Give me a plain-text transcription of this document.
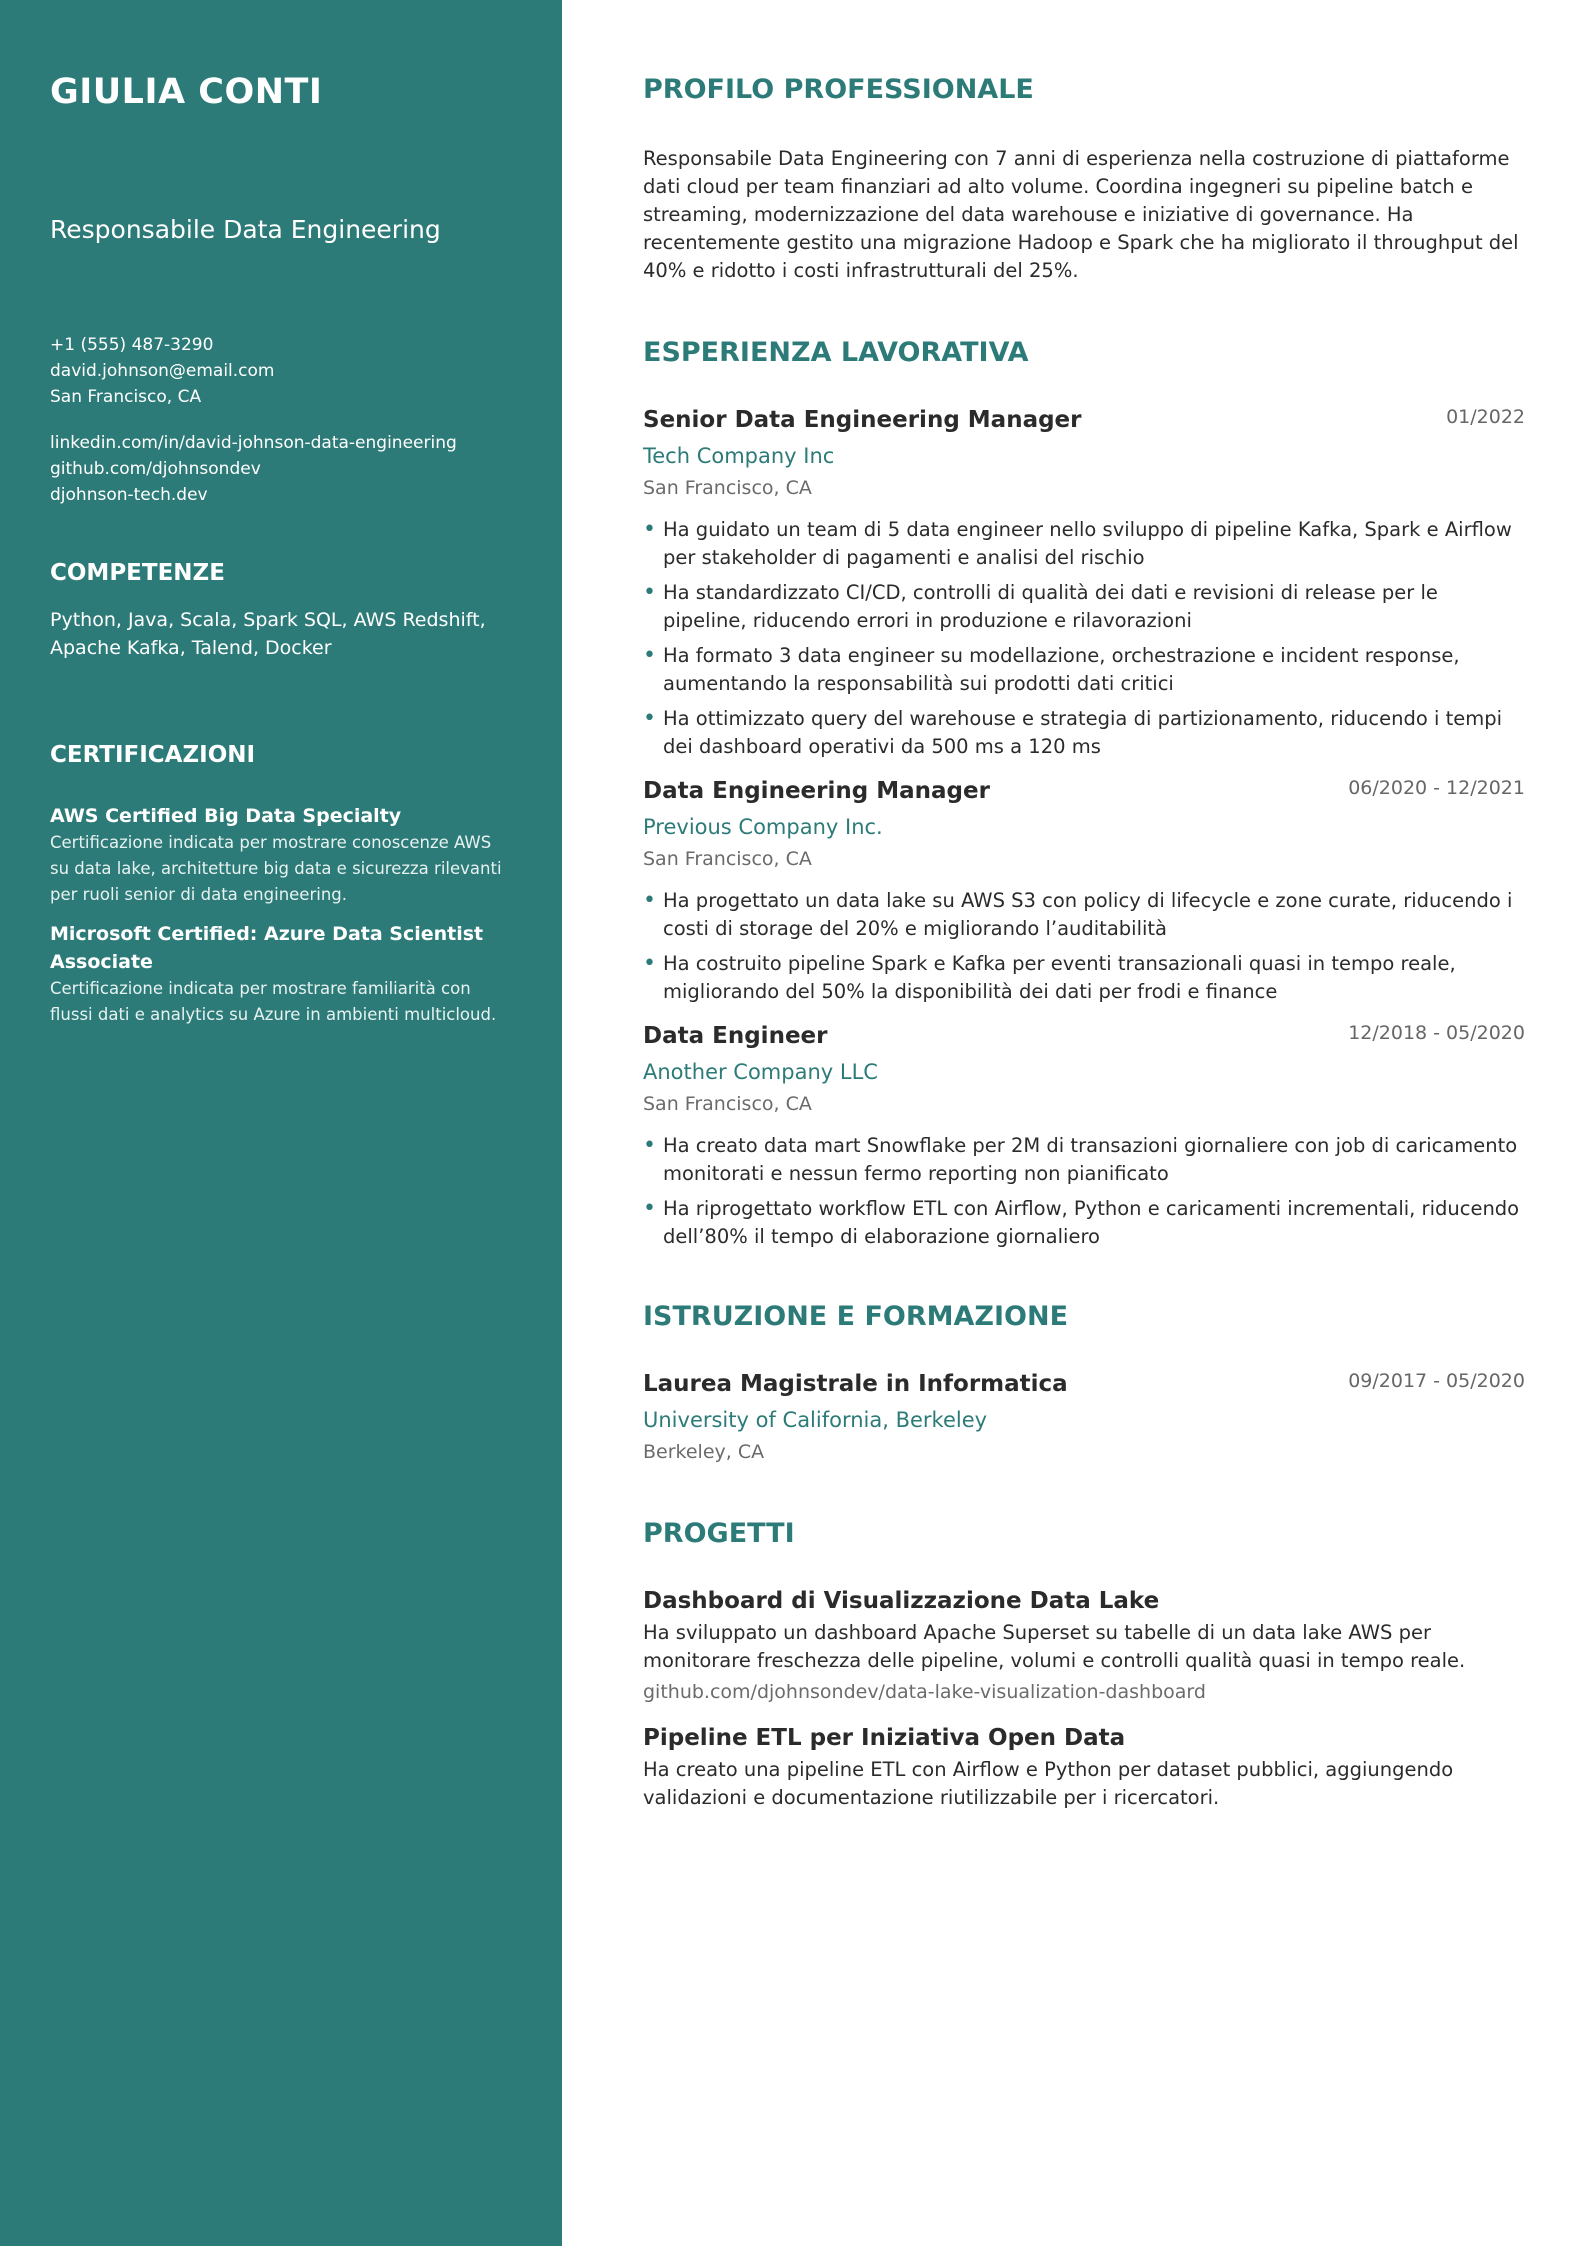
GIULIA CONTI
Responsabile Data Engineering
+1 (555) 487-3290
david.johnson@email.com
San Francisco, CA
linkedin.com/in/david-johnson-data-engineering
github.com/djohnsondev
djohnson-tech.dev
COMPETENZE
Python, Java, Scala, Spark SQL, AWS Redshift, Apache Kafka, Talend, Docker
CERTIFICAZIONI
AWS Certified Big Data Specialty
Certificazione indicata per mostrare conoscenze AWS su data lake, architetture big data e sicurezza rilevanti per ruoli senior di data engineering.
Microsoft Certified: Azure Data Scientist Associate
Certificazione indicata per mostrare familiarità con flussi dati e analytics su Azure in ambienti multicloud.
PROFILO PROFESSIONALE
Responsabile Data Engineering con 7 anni di esperienza nella costruzione di piattaforme dati cloud per team finanziari ad alto volume. Coordina ingegneri su pipeline batch e streaming, modernizzazione del data warehouse e iniziative di governance. Ha recentemente gestito una migrazione Hadoop e Spark che ha migliorato il throughput del 40% e ridotto i costi infrastrutturali del 25%.
ESPERIENZA LAVORATIVA
Senior Data Engineering Manager	01/2022
Tech Company Inc
San Francisco, CA
• Ha guidato un team di 5 data engineer nello sviluppo di pipeline Kafka, Spark e Airflow per stakeholder di pagamenti e analisi del rischio
• Ha standardizzato CI/CD, controlli di qualità dei dati e revisioni di release per le pipeline, riducendo errori in produzione e rilavorazioni
• Ha formato 3 data engineer su modellazione, orchestrazione e incident response, aumentando la responsabilità sui prodotti dati critici
• Ha ottimizzato query del warehouse e strategia di partizionamento, riducendo i tempi dei dashboard operativi da 500 ms a 120 ms
Data Engineering Manager	06/2020 - 12/2021
Previous Company Inc.
San Francisco, CA
• Ha progettato un data lake su AWS S3 con policy di lifecycle e zone curate, riducendo i costi di storage del 20% e migliorando l’auditabilità
• Ha costruito pipeline Spark e Kafka per eventi transazionali quasi in tempo reale, migliorando del 50% la disponibilità dei dati per frodi e finance
Data Engineer	12/2018 - 05/2020
Another Company LLC
San Francisco, CA
• Ha creato data mart Snowflake per 2M di transazioni giornaliere con job di caricamento monitorati e nessun fermo reporting non pianificato
• Ha riprogettato workflow ETL con Airflow, Python e caricamenti incrementali, riducendo dell’80% il tempo di elaborazione giornaliero
ISTRUZIONE E FORMAZIONE
Laurea Magistrale in Informatica	09/2017 - 05/2020
University of California, Berkeley
Berkeley, CA
PROGETTI
Dashboard di Visualizzazione Data Lake
Ha sviluppato un dashboard Apache Superset su tabelle di un data lake AWS per monitorare freschezza delle pipeline, volumi e controlli qualità quasi in tempo reale.
github.com/djohnsondev/data-lake-visualization-dashboard
Pipeline ETL per Iniziativa Open Data
Ha creato una pipeline ETL con Airflow e Python per dataset pubblici, aggiungendo validazioni e documentazione riutilizzabile per i ricercatori.
